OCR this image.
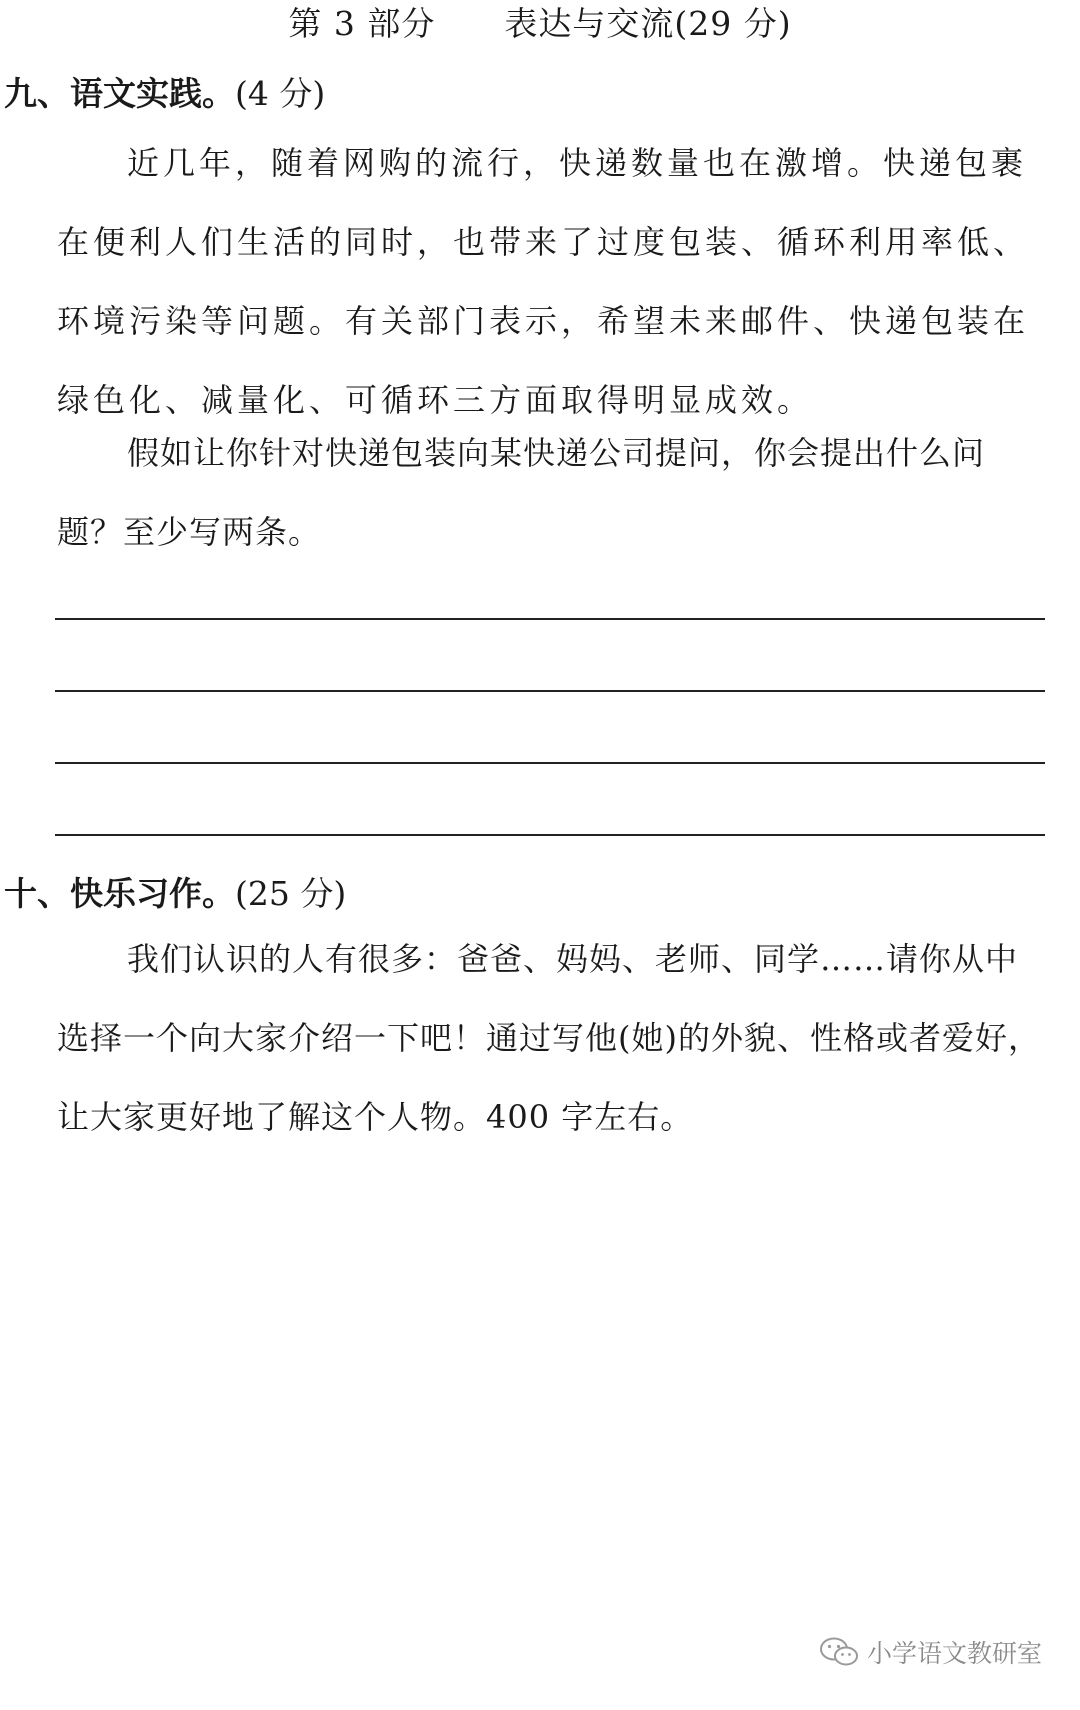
第 3 部分      表达与交流(29 分)
九、语文实践。(4 分)

近几年，随着网购的流行，快递数量也在激增。快递包裹在便利人们生活的同时，也带来了过度包装、循环利用率低、环境污染等问题。有关部门表示，希望未来邮件、快递包装在绿色化、减量化、可循环三方面取得明显成效。

假如让你针对快递包装向某快递公司提问，你会提出什么问题？至少写两条。

十、快乐习作。(25 分)

我们认识的人有很多：爸爸、妈妈、老师、同学……请你从中选择一个向大家介绍一下吧！通过写他(她)的外貌、性格或者爱好，让大家更好地了解这个人物。400 字左右。

小学语文教研室
